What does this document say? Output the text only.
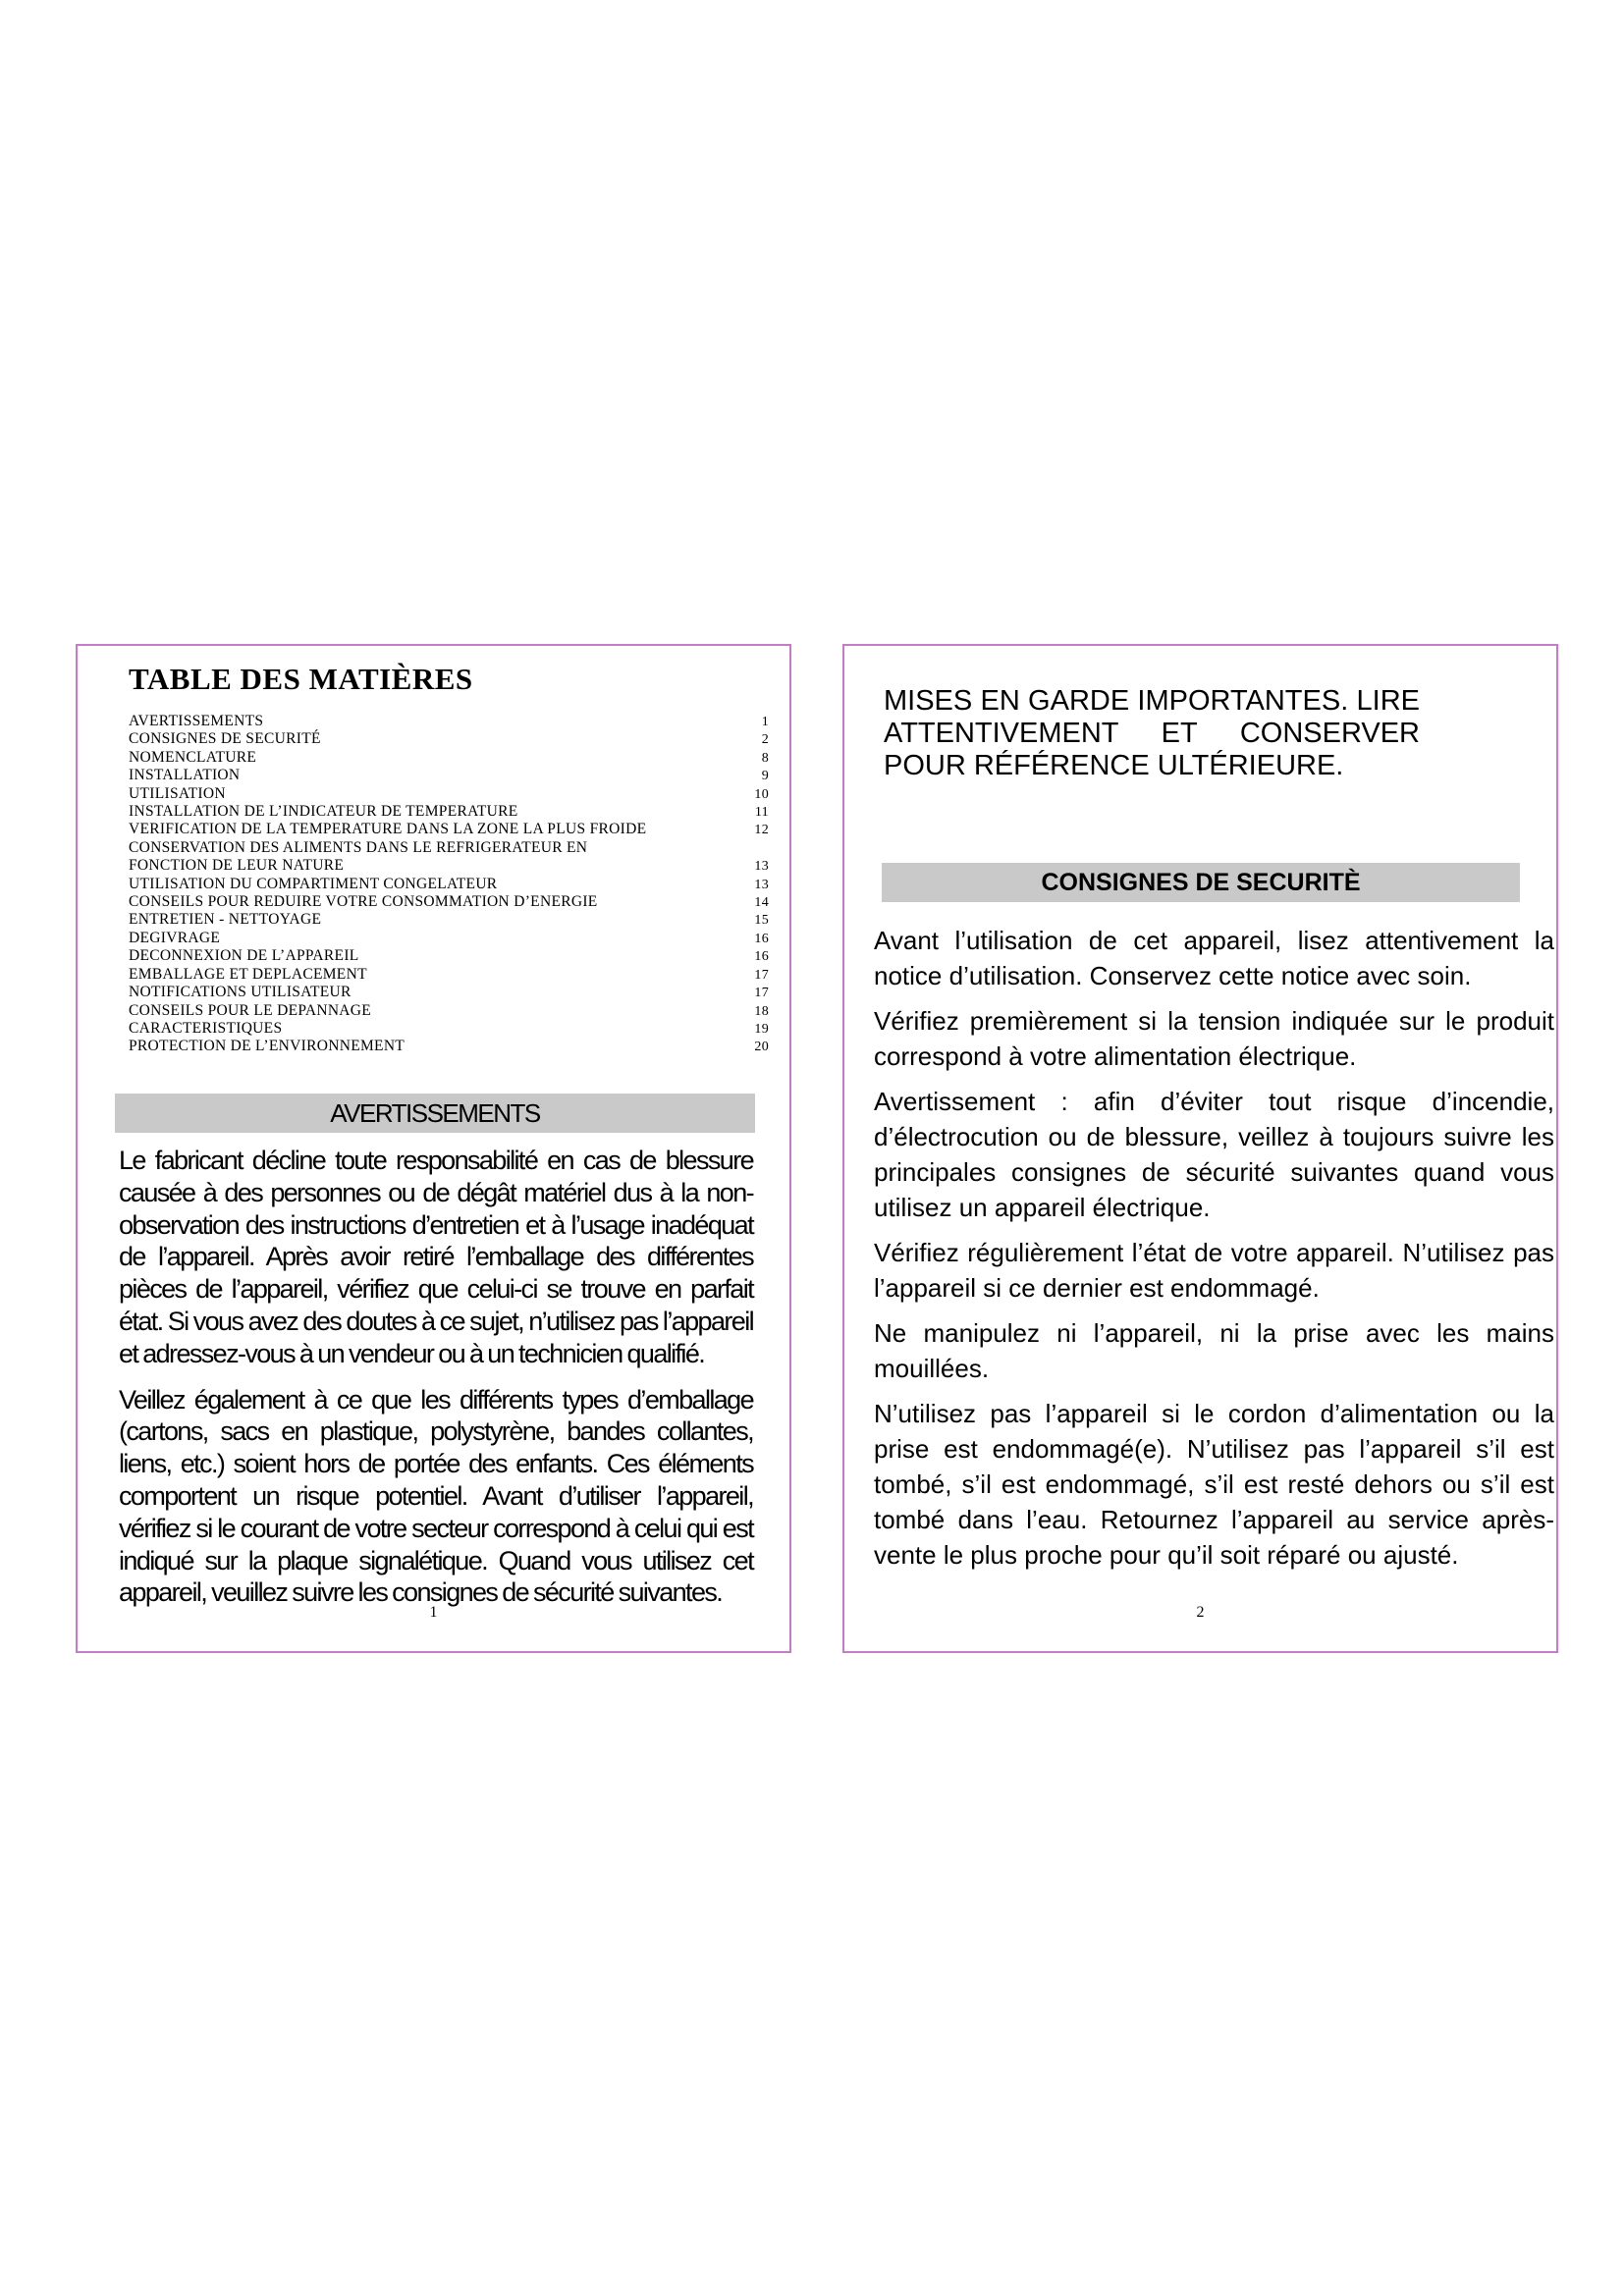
TABLE DES MATIÈRES
AVERTISSEMENTS	1
CONSIGNES DE SECURITÉ	2
NOMENCLATURE	8
INSTALLATION	9
UTILISATION	10
INSTALLATION DE L’INDICATEUR DE TEMPERATURE	11
VERIFICATION DE LA TEMPERATURE DANS LA ZONE LA PLUS FROIDE	12
CONSERVATION DES ALIMENTS DANS LE REFRIGERATEUR EN
FONCTION DE LEUR NATURE	13
UTILISATION DU COMPARTIMENT CONGELATEUR	13
CONSEILS POUR REDUIRE VOTRE CONSOMMATION D’ENERGIE	14
ENTRETIEN - NETTOYAGE	15
DEGIVRAGE	16
DECONNEXION DE L’APPAREIL	16
EMBALLAGE ET DEPLACEMENT	17
NOTIFICATIONS UTILISATEUR	17
CONSEILS POUR LE DEPANNAGE	18
CARACTERISTIQUES	19
PROTECTION DE L’ENVIRONNEMENT	20
AVERTISSEMENTS

Le fabricant décline toute responsabilité en cas de blessure causée à des personnes ou de dégât matériel dus à la non-observation des instructions d’entretien et à l’usage inadéquat de l’appareil. Après avoir retiré l’emballage des différentes pièces de l’appareil, vérifiez que celui-ci se trouve en parfait état. Si vous avez des doutes à ce sujet, n’utilisez pas l’appareil et adressez-vous à un vendeur ou à un technicien qualifié.

Veillez également à ce que les différents types d’emballage (cartons, sacs en plastique, polystyrène, bandes collantes, liens, etc.) soient hors de portée des enfants. Ces éléments comportent un risque potentiel. Avant d’utiliser l’appareil, vérifiez si le courant de votre secteur correspond à celui qui est indiqué sur la plaque signalétique. Quand vous utilisez cet appareil, veuillez suivre les consignes de sécurité suivantes.

1
MISES EN GARDE IMPORTANTES. LIRE ATTENTIVEMENT ET CONSERVER POUR RÉFÉRENCE ULTÉRIEURE.
CONSIGNES DE SECURITÈ

Avant l’utilisation de cet appareil, lisez attentivement la notice d’utilisation. Conservez cette notice avec soin.

Vérifiez premièrement si la tension indiquée sur le produit correspond à votre alimentation électrique.

Avertissement : afin d’éviter tout risque d’incendie, d’électrocution ou de blessure, veillez à toujours suivre les principales consignes de sécurité suivantes quand vous utilisez un appareil électrique.

Vérifiez régulièrement l’état de votre appareil. N’utilisez pas l’appareil si ce dernier est endommagé.

Ne manipulez ni l’appareil, ni la prise avec les mains mouillées.

N’utilisez pas l’appareil si le cordon d’alimentation ou la prise est endommagé(e). N’utilisez pas l’appareil s’il est tombé, s’il est endommagé, s’il est resté dehors ou s’il est tombé dans l’eau. Retournez l’appareil au service après-vente le plus proche pour qu’il soit réparé ou ajusté.

2
